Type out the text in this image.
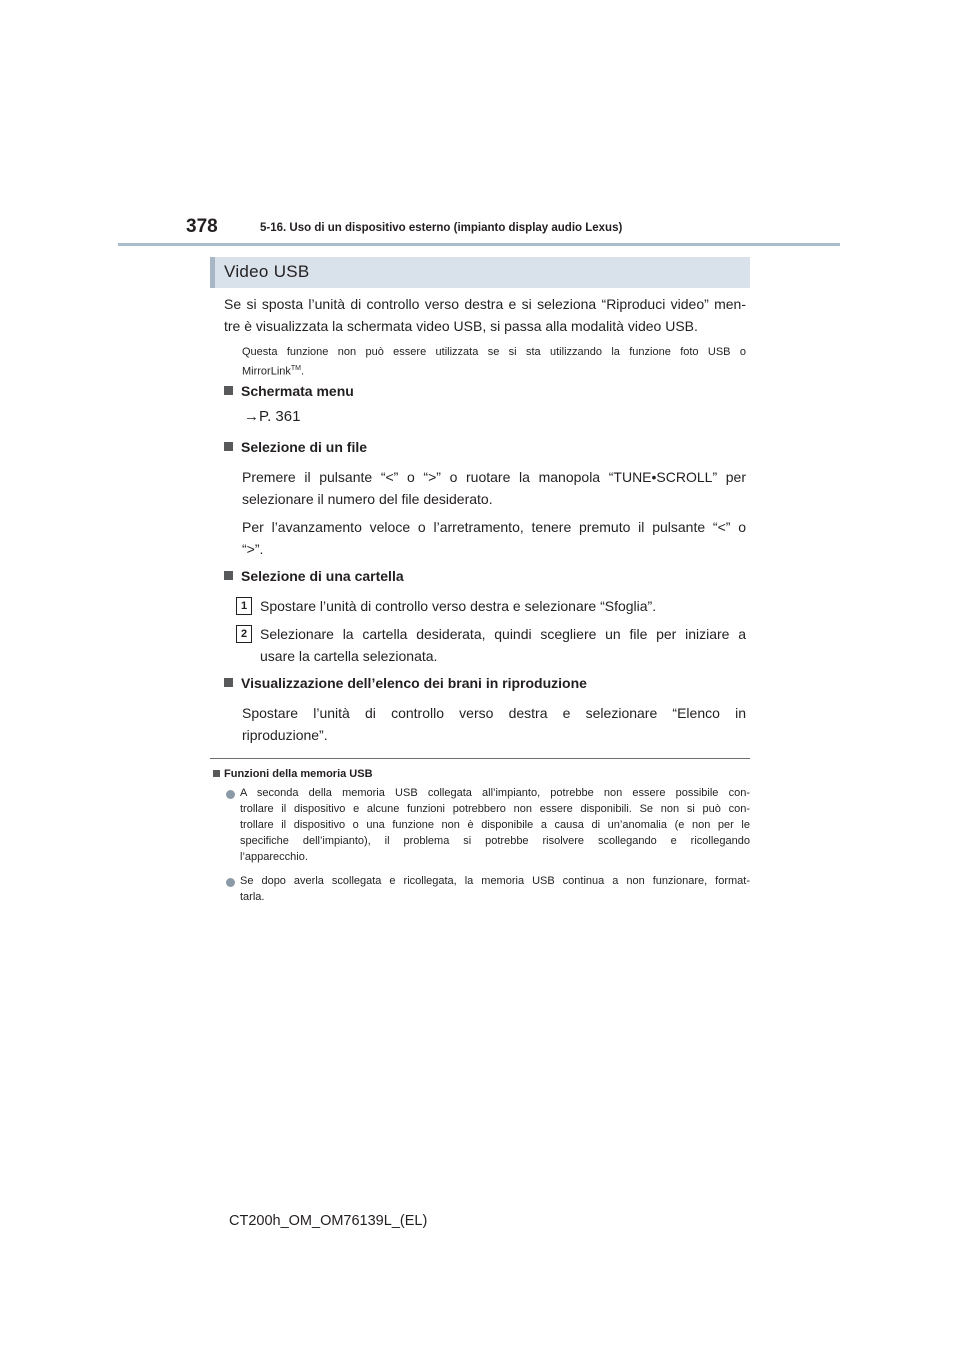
378	5-16. Uso di un dispositivo esterno (impianto display audio Lexus)
Video USB
Se si sposta l’unità di controllo verso destra e si seleziona “Riproduci video” men-
tre è visualizzata la schermata video USB, si passa alla modalità video USB.
Questa funzione non può essere utilizzata se si sta utilizzando la funzione foto USB o
MirrorLink™.
Schermata menu
→P. 361
Selezione di un file
Premere il pulsante “<” o “>” o ruotare la manopola “TUNE•SCROLL” per
selezionare il numero del file desiderato.
Per l’avanzamento veloce o l’arretramento, tenere premuto il pulsante “<” o
“>”.
Selezione di una cartella
1 Spostare l’unità di controllo verso destra e selezionare “Sfoglia”.
2 Selezionare la cartella desiderata, quindi scegliere un file per iniziare a
usare la cartella selezionata.
Visualizzazione dell’elenco dei brani in riproduzione
Spostare l’unità di controllo verso destra e selezionare “Elenco in
riproduzione”.
Funzioni della memoria USB
A seconda della memoria USB collegata all’impianto, potrebbe non essere possibile con-
trollare il dispositivo e alcune funzioni potrebbero non essere disponibili. Se non si può con-
trollare il dispositivo o una funzione non è disponibile a causa di un’anomalia (e non per le
specifiche dell’impianto), il problema si potrebbe risolvere scollegando e ricollegando
l’apparecchio.
Se dopo averla scollegata e ricollegata, la memoria USB continua a non funzionare, format-
tarla.
CT200h_OM_OM76139L_(EL)
